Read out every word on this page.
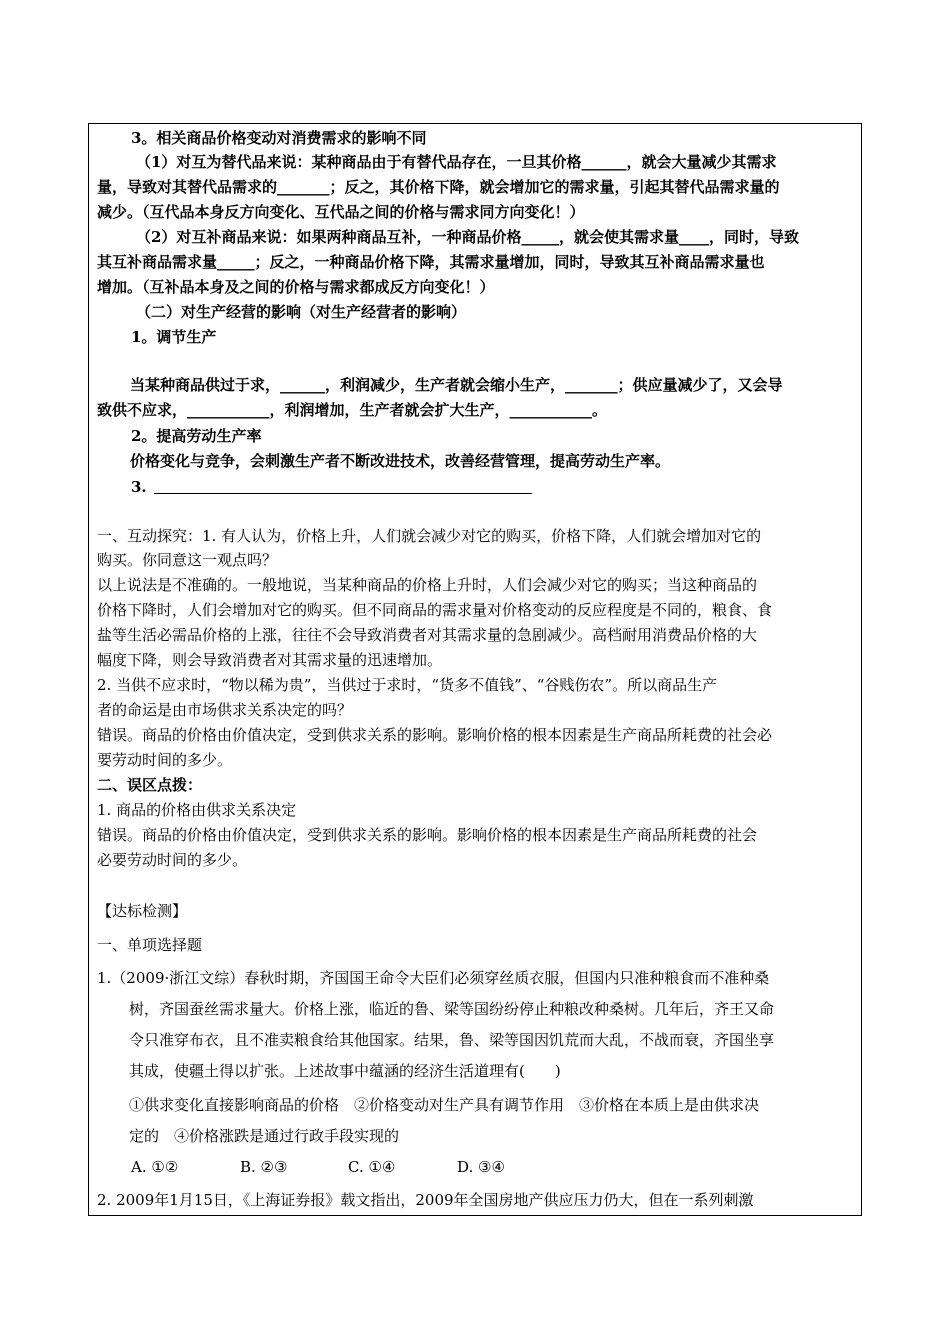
3。相关商品价格变动对消费需求的影响不同
（1）对互为替代品来说：某种商品由于有替代品存在，一旦其价格______，就会大量减少其需求
量，导致对其替代品需求的_______；反之，其价格下降，就会增加它的需求量，引起其替代品需求量的
减少。（互代品本身反方向变化、互代品之间的价格与需求同方向变化！）
（2）对互补商品来说：如果两种商品互补，一种商品价格_____，就会使其需求量____，同时，导致
其互补商品需求量_____；反之，一种商品价格下降，其需求量增加，同时，导致其互补商品需求量也
增加。（互补品本身及之间的价格与需求都成反方向变化！）
（二）对生产经营的影响（对生产经营者的影响）
1。调节生产
当某种商品供过于求，______，利润减少，生产者就会缩小生产，_______；供应量减少了，又会导
致供不应求，___________，利润增加，生产者就会扩大生产，___________。
2。提高劳动生产率
价格变化与竞争，会刺激生产者不断改进技术，改善经营管理，提高劳动生产率。
3.
一、互动探究：1. 有人认为，价格上升，人们就会减少对它的购买，价格下降，人们就会增加对它的
购买。你同意这一观点吗？
以上说法是不准确的。一般地说，当某种商品的价格上升时，人们会减少对它的购买；当这种商品的
价格下降时，人们会增加对它的购买。但不同商品的需求量对价格变动的反应程度是不同的，粮食、食
盐等生活必需品价格的上涨，往往不会导致消费者对其需求量的急剧减少。高档耐用消费品价格的大
幅度下降，则会导致消费者对其需求量的迅速增加。
2. 当供不应求时，“物以稀为贵”，当供过于求时，“货多不值钱”、“谷贱伤农”。所以商品生产
者的命运是由市场供求关系决定的吗？
错误。商品的价格由价值决定，受到供求关系的影响。影响价格的根本因素是生产商品所耗费的社会必
要劳动时间的多少。
二、误区点拨：
1. 商品的价格由供求关系决定
错误。商品的价格由价值决定，受到供求关系的影响。影响价格的根本因素是生产商品所耗费的社会
必要劳动时间的多少。
【达标检测】
一、单项选择题
1.（2009·浙江文综）春秋时期，齐国国王命令大臣们必须穿丝质衣服，但国内只准种粮食而不准种桑
树，齐国蚕丝需求量大。价格上涨，临近的鲁、梁等国纷纷停止种粮改种桑树。几年后，齐王又命
令只准穿布衣，且不准卖粮食给其他国家。结果，鲁、梁等国因饥荒而大乱，不战而衰，齐国坐享
其成，使疆土得以扩张。上述故事中蕴涵的经济生活道理有(　　)
①供求变化直接影响商品的价格　②价格变动对生产具有调节作用　③价格在本质上是由供求决
定的　④价格涨跌是通过行政手段实现的
A. ①②	B. ②③	C. ①④	D. ③④
2. 2009年1月15日，《上海证券报》载文指出，2009年全国房地产供应压力仍大，但在一系列刺激
